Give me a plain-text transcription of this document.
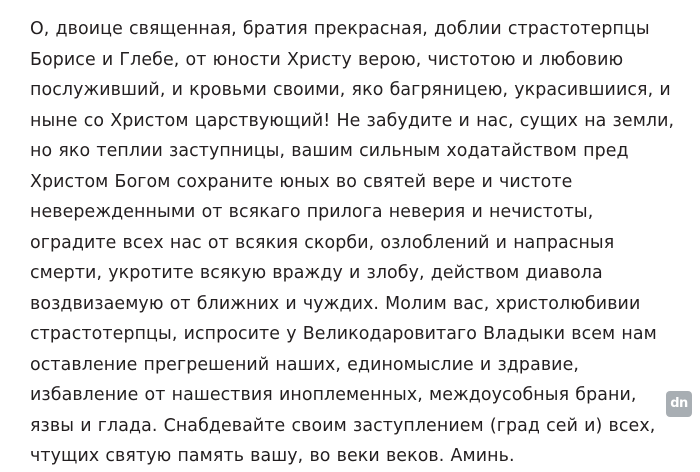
О, двоице священная, братия прекрасная, доблии страстотерпцы Борисе и Глебе, от юности Христу верою, чистотою и любовию послуживший, и кровьми своими, яко багряницею, украсившиися, и ныне со Христом царствующий! Не забудите и нас, сущих на земли, но яко теплии заступницы, вашим сильным ходатайством пред Христом Богом сохраните юных во святей вере и чистоте невережденными от всякаго прилога неверия и нечистоты, оградите всех нас от всякия скорби, озлоблений и напрасныя смерти, укротите всякую вражду и злобу, действом диавола воздвизаемую от ближних и чуждих. Молим вас, христолюбивии страстотерпцы, испросите у Великодаровитаго Владыки всем нам оставление прегрешений наших, единомыслие и здравие, избавление от нашествия иноплеменных, междоусобныя брани, язвы и глада. Снабдевайте своим заступлением (град сей и) всех, чтущих святую память вашу, во веки веков. Аминь.
dn
